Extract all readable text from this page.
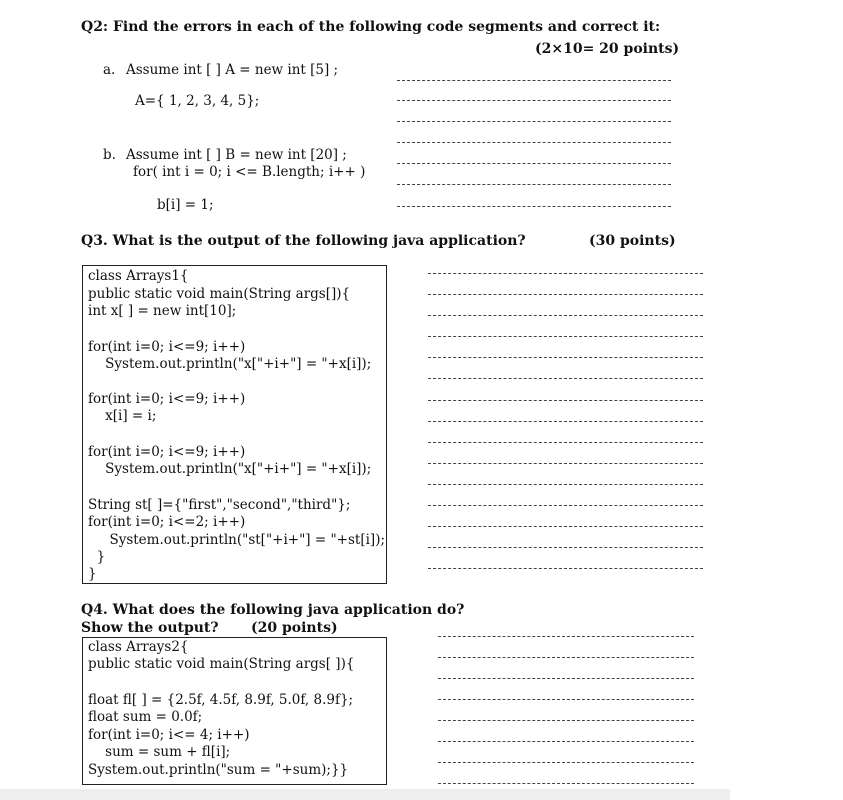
Q2: Find the errors in each of the following code segments and correct it:
(2×10= 20 points)
a. Assume int [ ] A = new int [5] ;
A={ 1, 2, 3, 4, 5};
b. Assume int [ ] B = new int [20] ;
for( int i = 0; i <= B.length; i++ )
b[i] = 1;
Q3. What is the output of the following java application?	(30 points)
class Arrays1{
public static void main(String args[]){
int x[ ] = new int[10];
for(int i=0; i<=9; i++)
System.out.println("x["+i+"] = "+x[i]);
for(int i=0; i<=9; i++)
x[i] = i;
for(int i=0; i<=9; i++)
System.out.println("x["+i+"] = "+x[i]);
String st[ ]={"first","second","third"};
for(int i=0; i<=2; i++)
System.out.println("st["+i+"] = "+st[i]);
}
}
Q4. What does the following java application do?
Show the output? (20 points)
class Arrays2{
public static void main(String args[ ]){
float fl[ ] = {2.5f, 4.5f, 8.9f, 5.0f, 8.9f};
float sum = 0.0f;
for(int i=0; i<= 4; i++)
sum = sum + fl[i];
System.out.println("sum = "+sum);}}
